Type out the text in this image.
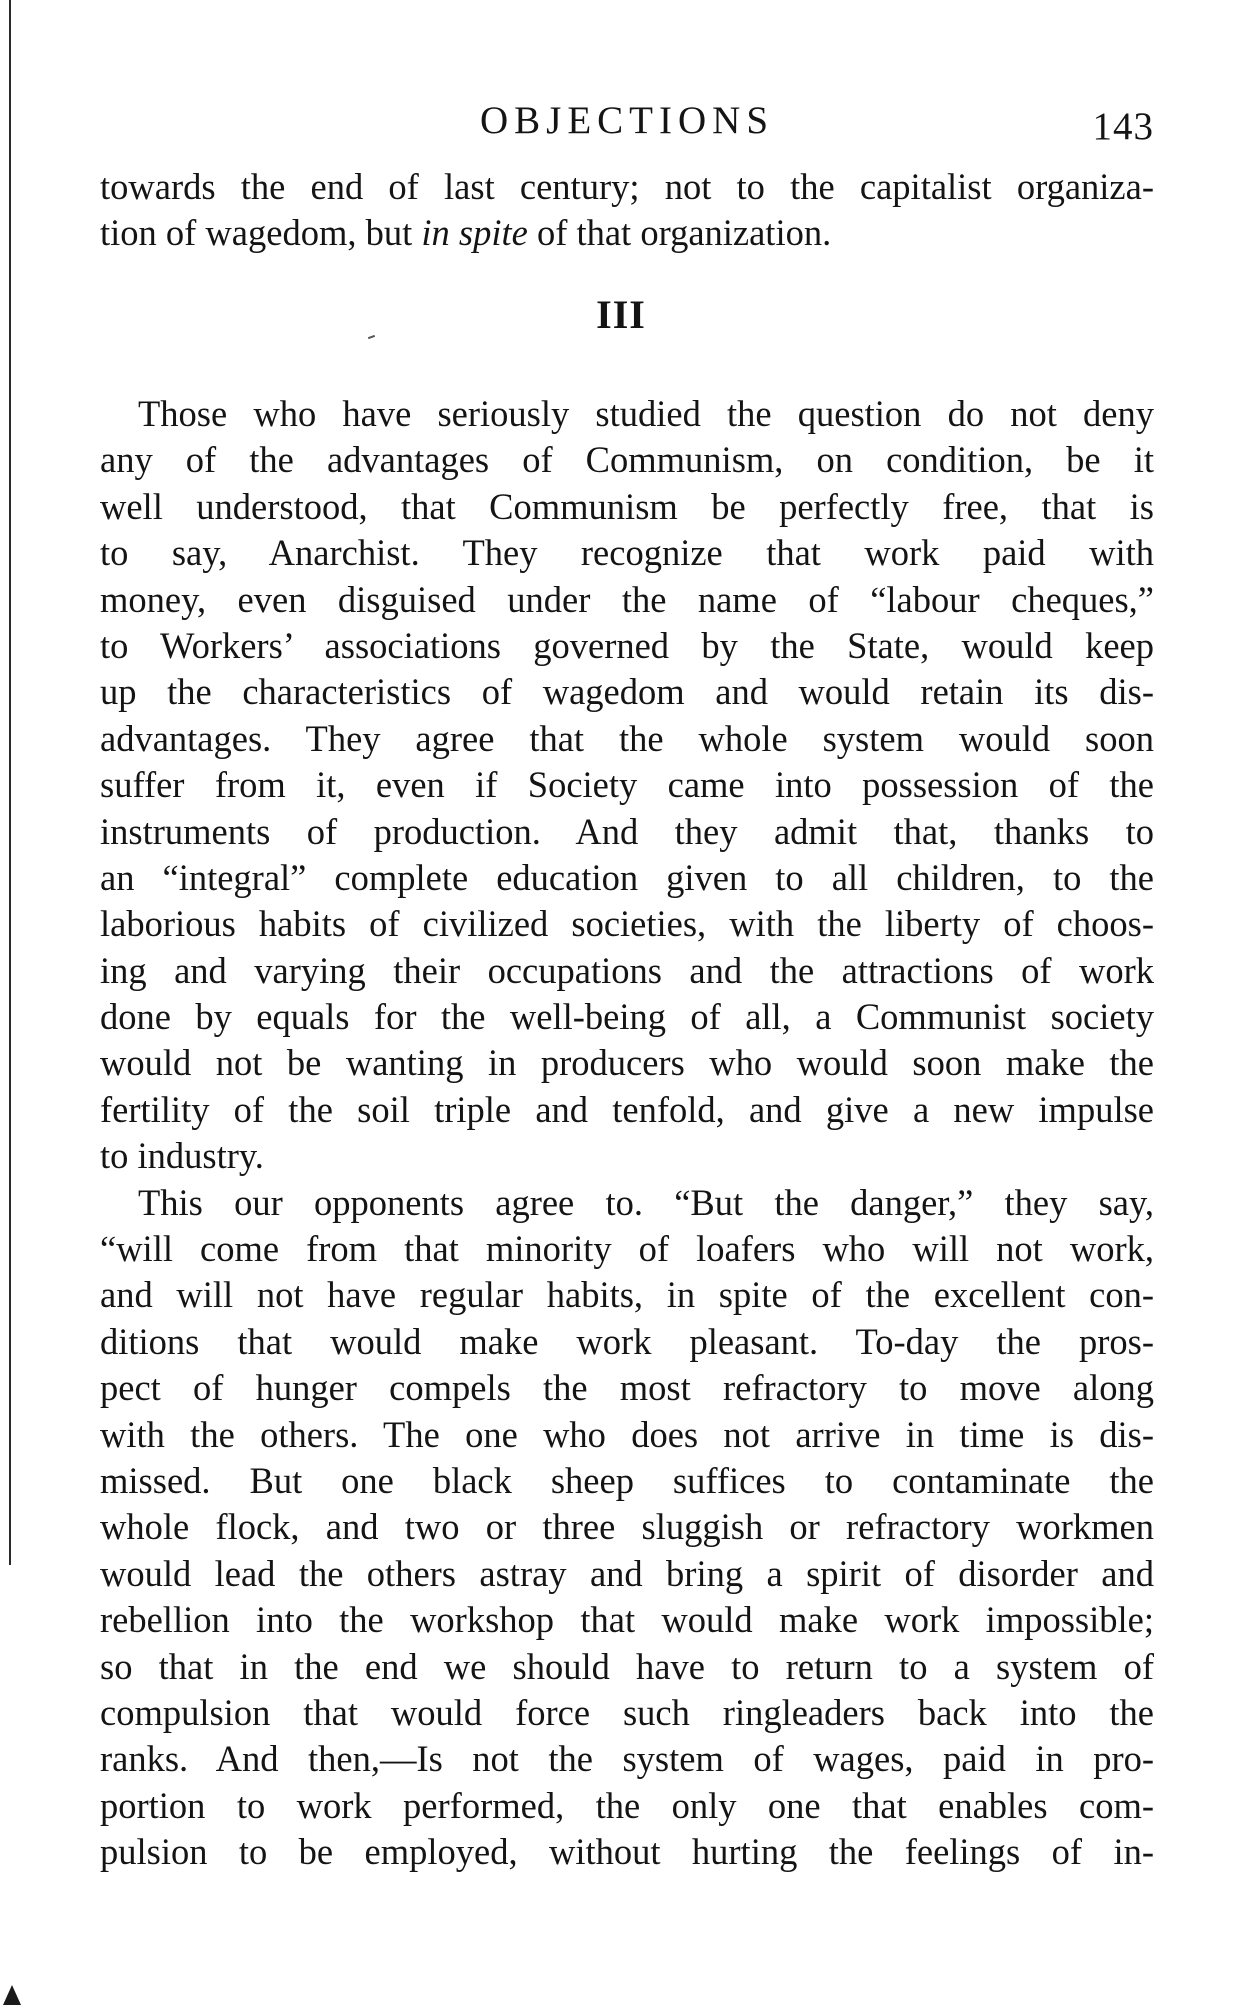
OBJECTIONS	143
towards the end of last century; not to the capitalist organiza-
tion of wagedom, but in spite of that organization.
III
Those who have seriously studied the question do not deny
any of the advantages of Communism, on condition, be it
well understood, that Communism be perfectly free, that is
to say, Anarchist. They recognize that work paid with
money, even disguised under the name of “labour cheques,”
to Workers’ associations governed by the State, would keep
up the characteristics of wagedom and would retain its dis-
advantages. They agree that the whole system would soon
suffer from it, even if Society came into possession of the
instruments of production. And they admit that, thanks to
an “integral” complete education given to all children, to the
laborious habits of civilized societies, with the liberty of choos-
ing and varying their occupations and the attractions of work
done by equals for the well-being of all, a Communist society
would not be wanting in producers who would soon make the
fertility of the soil triple and tenfold, and give a new impulse
to industry.
This our opponents agree to. “But the danger,” they say,
“will come from that minority of loafers who will not work,
and will not have regular habits, in spite of the excellent con-
ditions that would make work pleasant. To-day the pros-
pect of hunger compels the most refractory to move along
with the others. The one who does not arrive in time is dis-
missed. But one black sheep suffices to contaminate the
whole flock, and two or three sluggish or refractory workmen
would lead the others astray and bring a spirit of disorder and
rebellion into the workshop that would make work impossible;
so that in the end we should have to return to a system of
compulsion that would force such ringleaders back into the
ranks. And then,—Is not the system of wages, paid in pro-
portion to work performed, the only one that enables com-
pulsion to be employed, without hurting the feelings of in-
